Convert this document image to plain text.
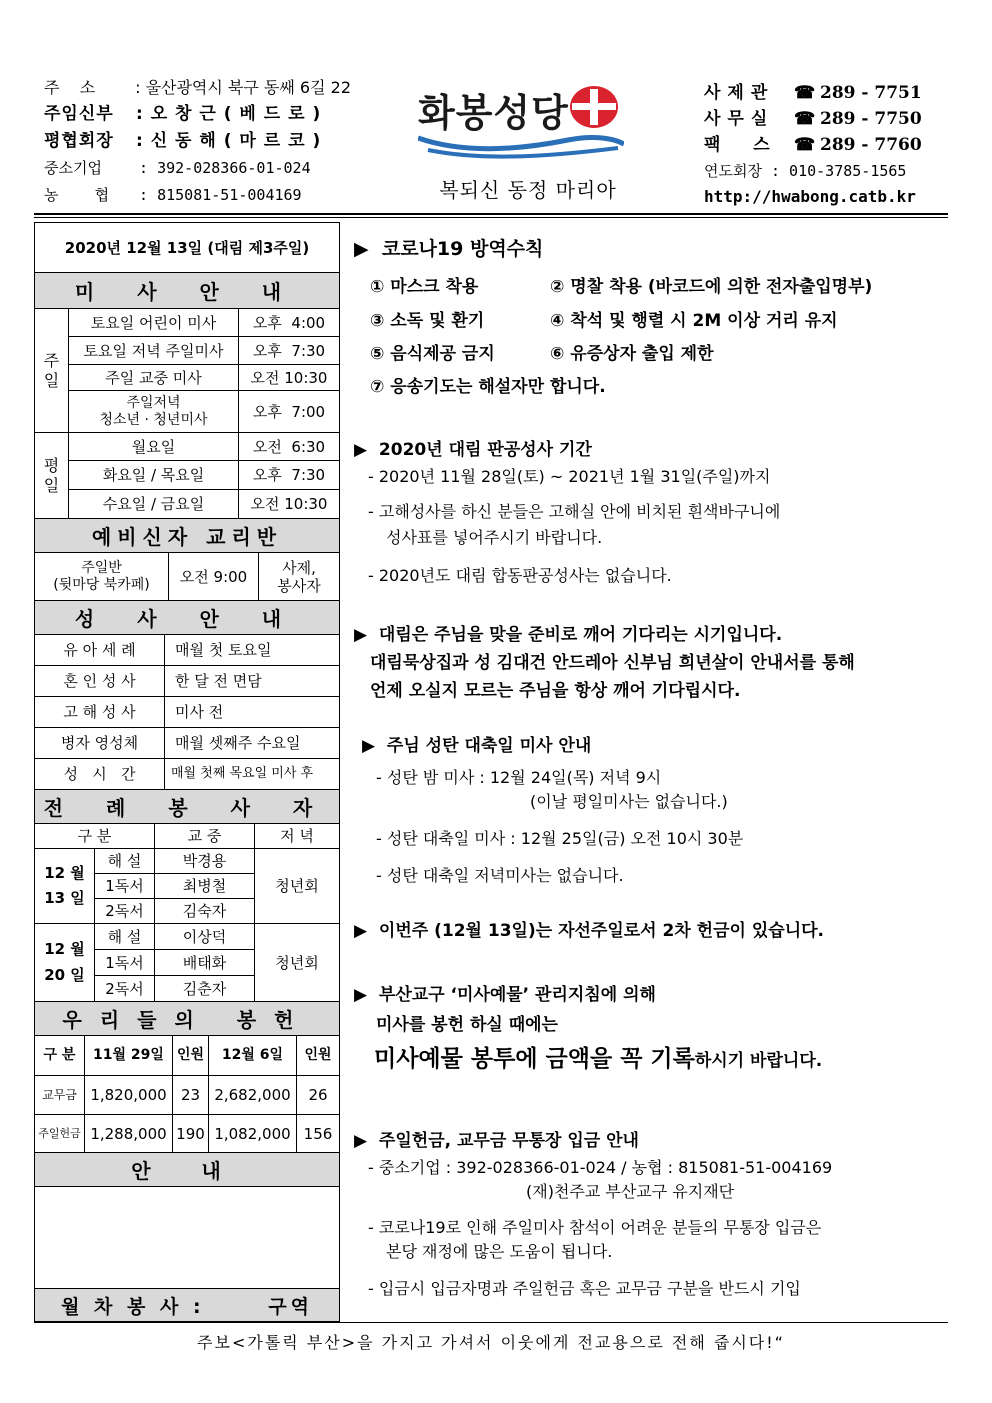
주    소 : 울산광역시 북구 동쌔 6길 22
주임신부 : 오 창 근 ( 베 드 로 )
평협회장 : 신 동 해 ( 마 르 코 )
중소기업 : 392-028366-01-024
농    협 : 815081-51-004169
화봉성당
복되신 동정 마리아
사제관 ☎ 289 - 7751
사무실 ☎ 289 - 7750
팩  스 ☎ 289 - 7760
연도회장 : 010-3785-1565
http://hwabong.catb.kr
2020년 12월 13일 (대림 제3주일)
미 사 안 내
주
일
토요일 어린이 미사	오후  4:00
토요일 저녁 주일미사	오후  7:30
주일 교중 미사	오전 10:30
주일저녁
청소년 · 청년미사	오후  7:00
평
일
월요일	오전  6:30
화요일 / 목요일	오후  7:30
수요일 / 금요일	오전 10:30
예비신자 교리반
주일반
(뒷마당 북카페)	오전 9:00	사제,
봉사자
성 사 안 내
유 아 세 례	매월 첫 토요일
혼 인 성 사	한 달 전 면담
고 해 성 사	미사 전
병자 영성체	매월 셋째주 수요일
성   시   간	매월 첫째 목요일 미사 후
전 례 봉 사 자
구 분	교 중	저 녁
12 월
13 일
해 설	박경용
1독서	최병철
2독서	김숙자
청년회
12 월
20 일
해 설	이상덕
1독서	배태화
2독서	김춘자
청년회
우리들의 봉헌
구 분	11월 29일 인원	12월 6일	인원
교무금 1,820,000 23 2,682,000	26
주일헌금 1,288,000 190 1,082,000 156
안 내
월 차 봉 사 :      구역
▶ 코로나19 방역수칙
① 마스크 착용	② 명찰 착용 (바코드에 의한 전자출입명부)
③ 소독 및 환기	④ 착석 및 행렬 시 2M 이상 거리 유지
⑤ 음식제공 금지	⑥ 유증상자 출입 제한
⑦ 응송기도는 해설자만 합니다.
▶ 2020년 대림 판공성사 기간
- 2020년 11월 28일(토) ~ 2021년 1월 31일(주일)까지
- 고해성사를 하신 분들은 고해실 안에 비치된 흰색바구니에
성사표를 넣어주시기 바랍니다.
- 2020년도 대림 합동판공성사는 없습니다.
▶ 대림은 주님을 맞을 준비로 깨어 기다리는 시기입니다.
대림묵상집과 성 김대건 안드레아 신부님 희년살이 안내서를 통해
언제 오실지 모르는 주님을 항상 깨어 기다립시다.
▶ 주님 성탄 대축일 미사 안내
- 성탄 밤 미사 : 12월 24일(목) 저녁 9시
(이날 평일미사는 없습니다.)
- 성탄 대축일 미사 : 12월 25일(금) 오전 10시 30분
- 성탄 대축일 저녁미사는 없습니다.
▶ 이번주 (12월 13일)는 자선주일로서 2차 헌금이 있습니다.
▶ 부산교구 ‘미사예물’ 관리지침에 의해
미사를 봉헌 하실 때에는
미사예물 봉투에 금액을 꼭 기록하시기 바랍니다.
▶ 주일헌금, 교무금 무통장 입금 안내
- 중소기업 : 392-028366-01-024 / 농협 : 815081-51-004169
(재)천주교 부산교구 유지재단
- 코로나19로 인해 주일미사 참석이 어려운 분들의 무통장 입금은
본당 재정에 많은 도움이 됩니다.
- 입금시 입금자명과 주일헌금 혹은 교무금 구분을 반드시 기입
주보<가톨릭 부산>을 가지고 가셔서 이웃에게 전교용으로 전해 줍시다!“
